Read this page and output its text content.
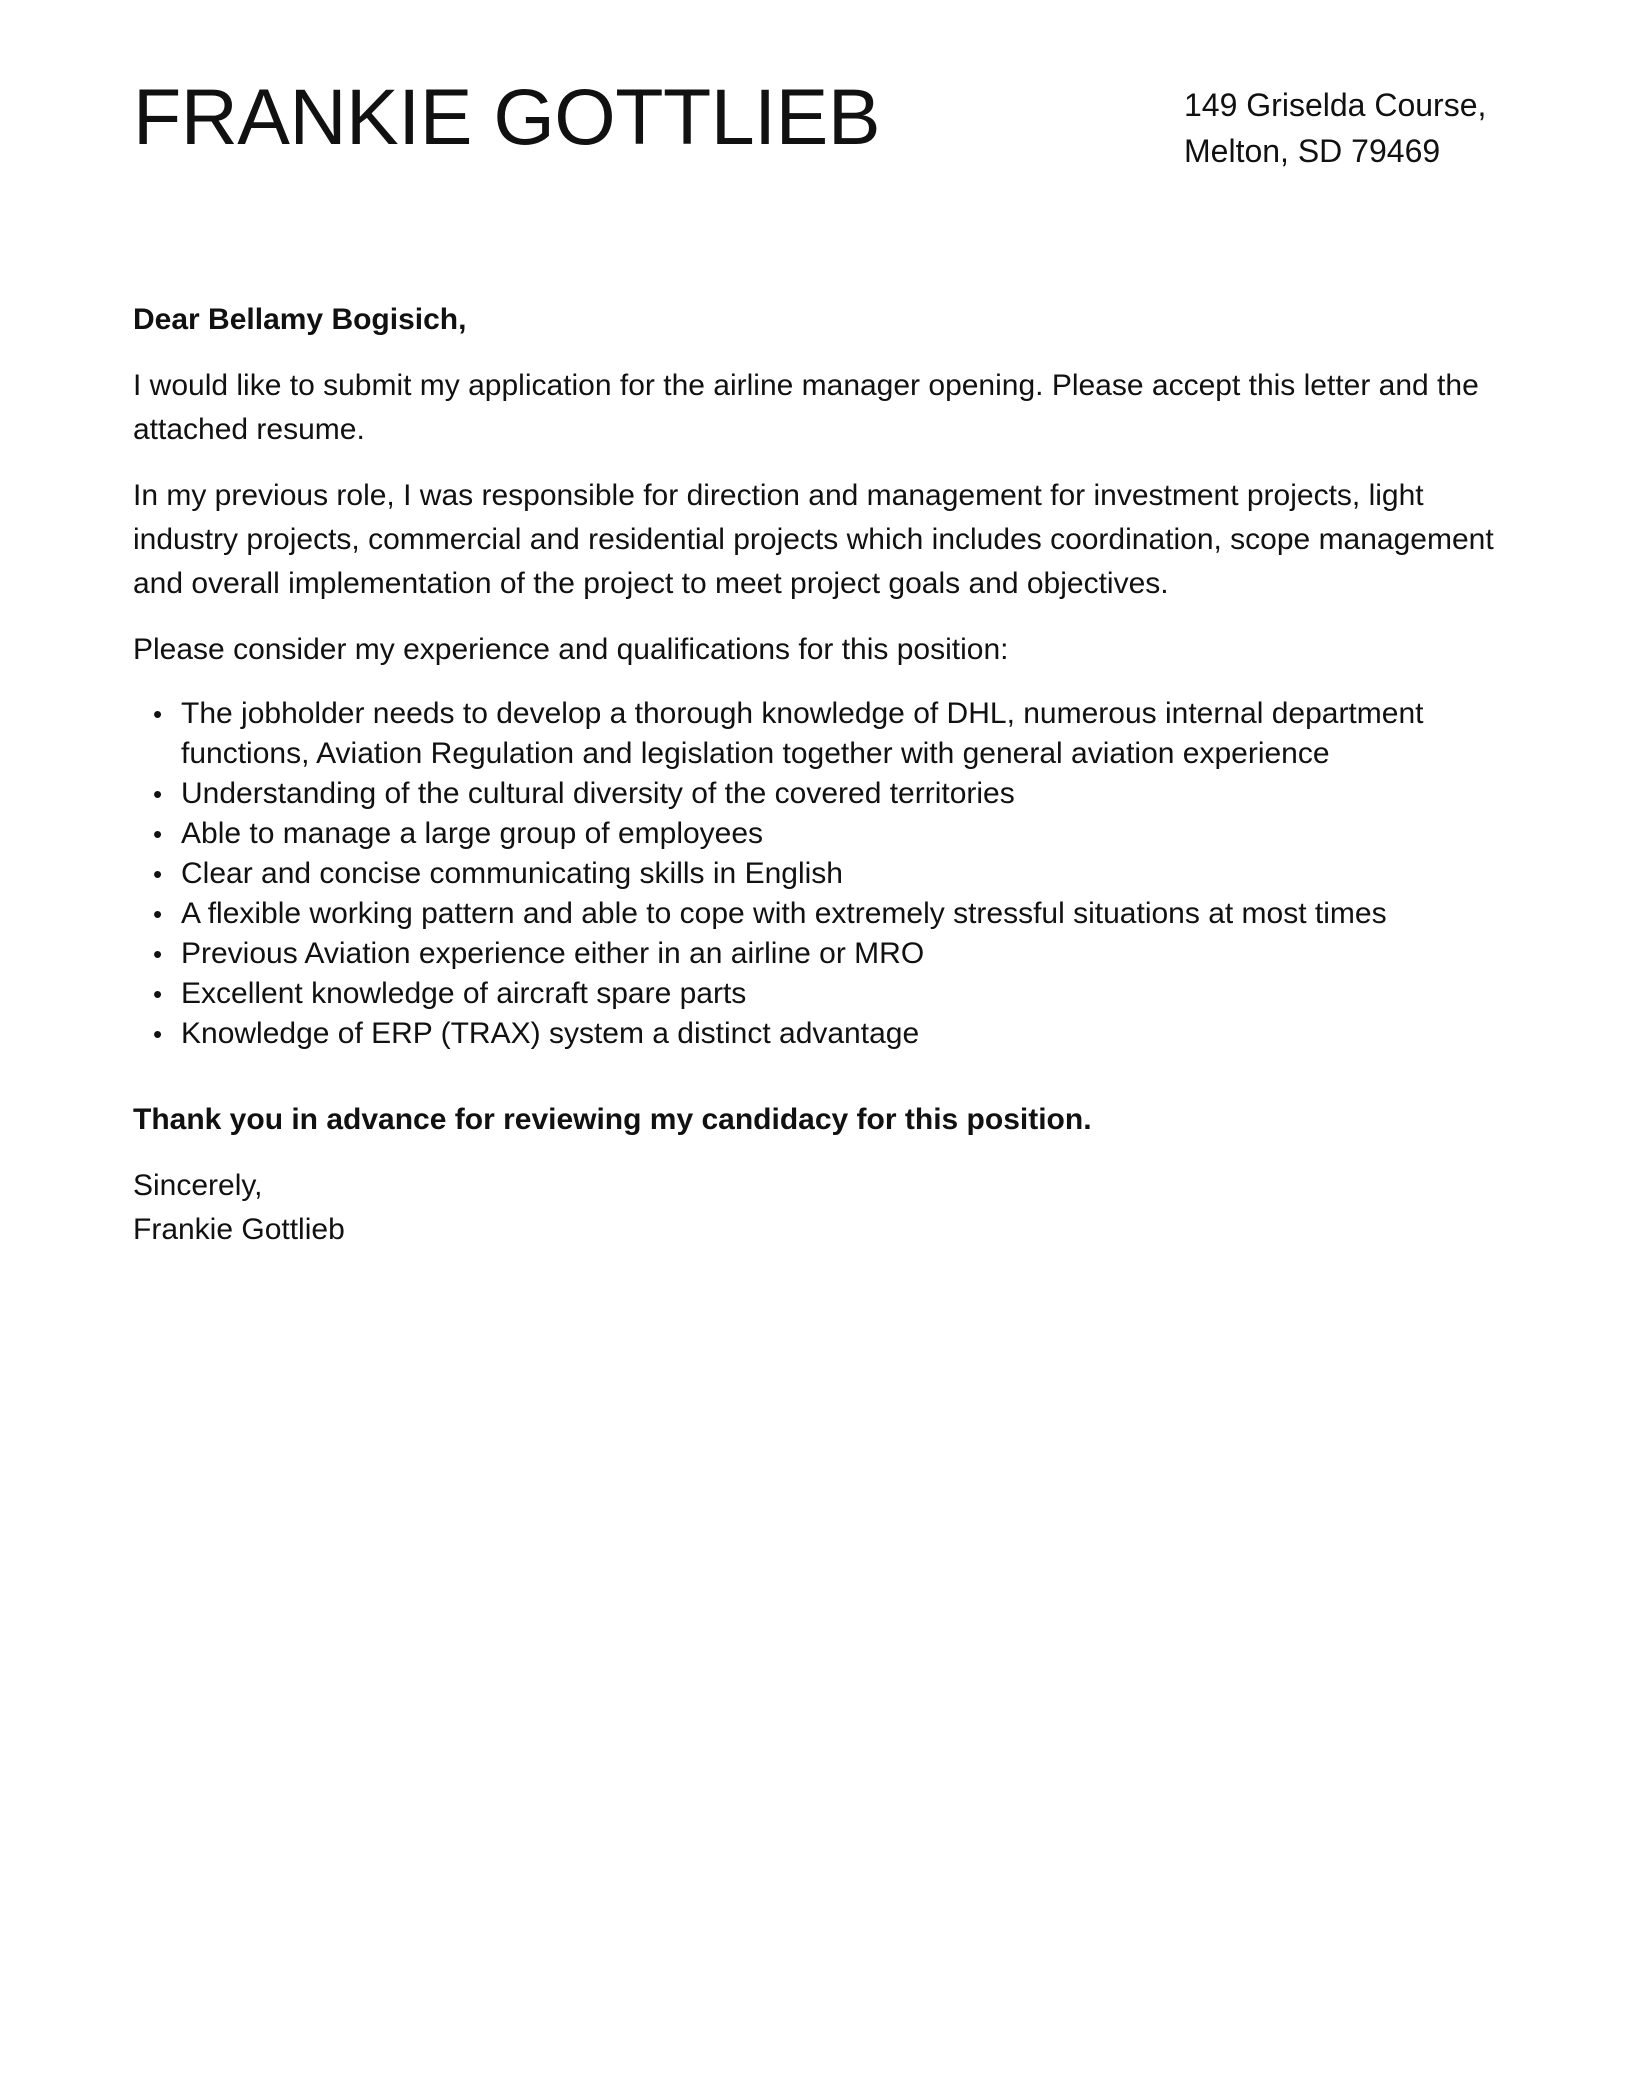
FRANKIE GOTTLIEB	149 Griselda Course,
Melton, SD 79469

Dear Bellamy Bogisich,

I would like to submit my application for the airline manager opening. Please accept this letter and the attached resume.

In my previous role, I was responsible for direction and management for investment projects, light industry projects, commercial and residential projects which includes coordination, scope management and overall implementation of the project to meet project goals and objectives.

Please consider my experience and qualifications for this position:

• The jobholder needs to develop a thorough knowledge of DHL, numerous internal department functions, Aviation Regulation and legislation together with general aviation experience
• Understanding of the cultural diversity of the covered territories
• Able to manage a large group of employees
• Clear and concise communicating skills in English
• A flexible working pattern and able to cope with extremely stressful situations at most times
• Previous Aviation experience either in an airline or MRO
• Excellent knowledge of aircraft spare parts
• Knowledge of ERP (TRAX) system a distinct advantage

Thank you in advance for reviewing my candidacy for this position.

Sincerely,
Frankie Gottlieb
